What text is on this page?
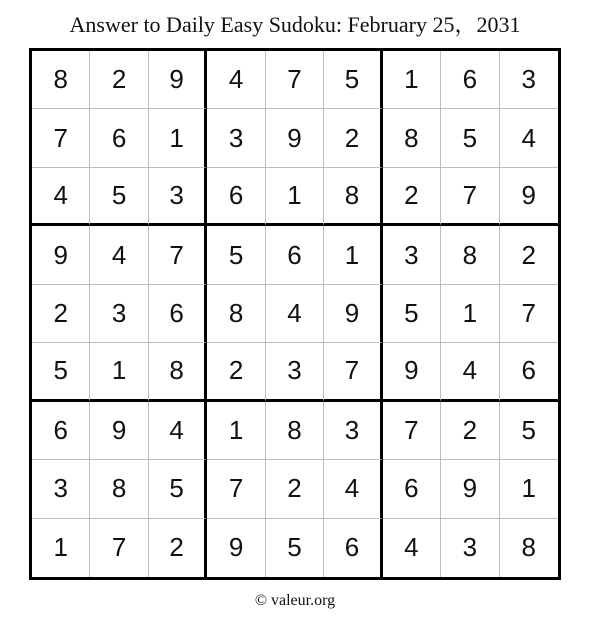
Answer to Daily Easy Sudoku: February 25，2031
8	2	9	4	7	5	1	6	3
7	6	1	3	9	2	8	5	4
4	5	3	6	1	8	2	7	9
9	4	7	5	6	1	3	8	2
2	3	6	8	4	9	5	1	7
5	1	8	2	3	7	9	4	6
6	9	4	1	8	3	7	2	5
3	8	5	7	2	4	6	9	1
1	7	2	9	5	6	4	3	8
© valeur.org
